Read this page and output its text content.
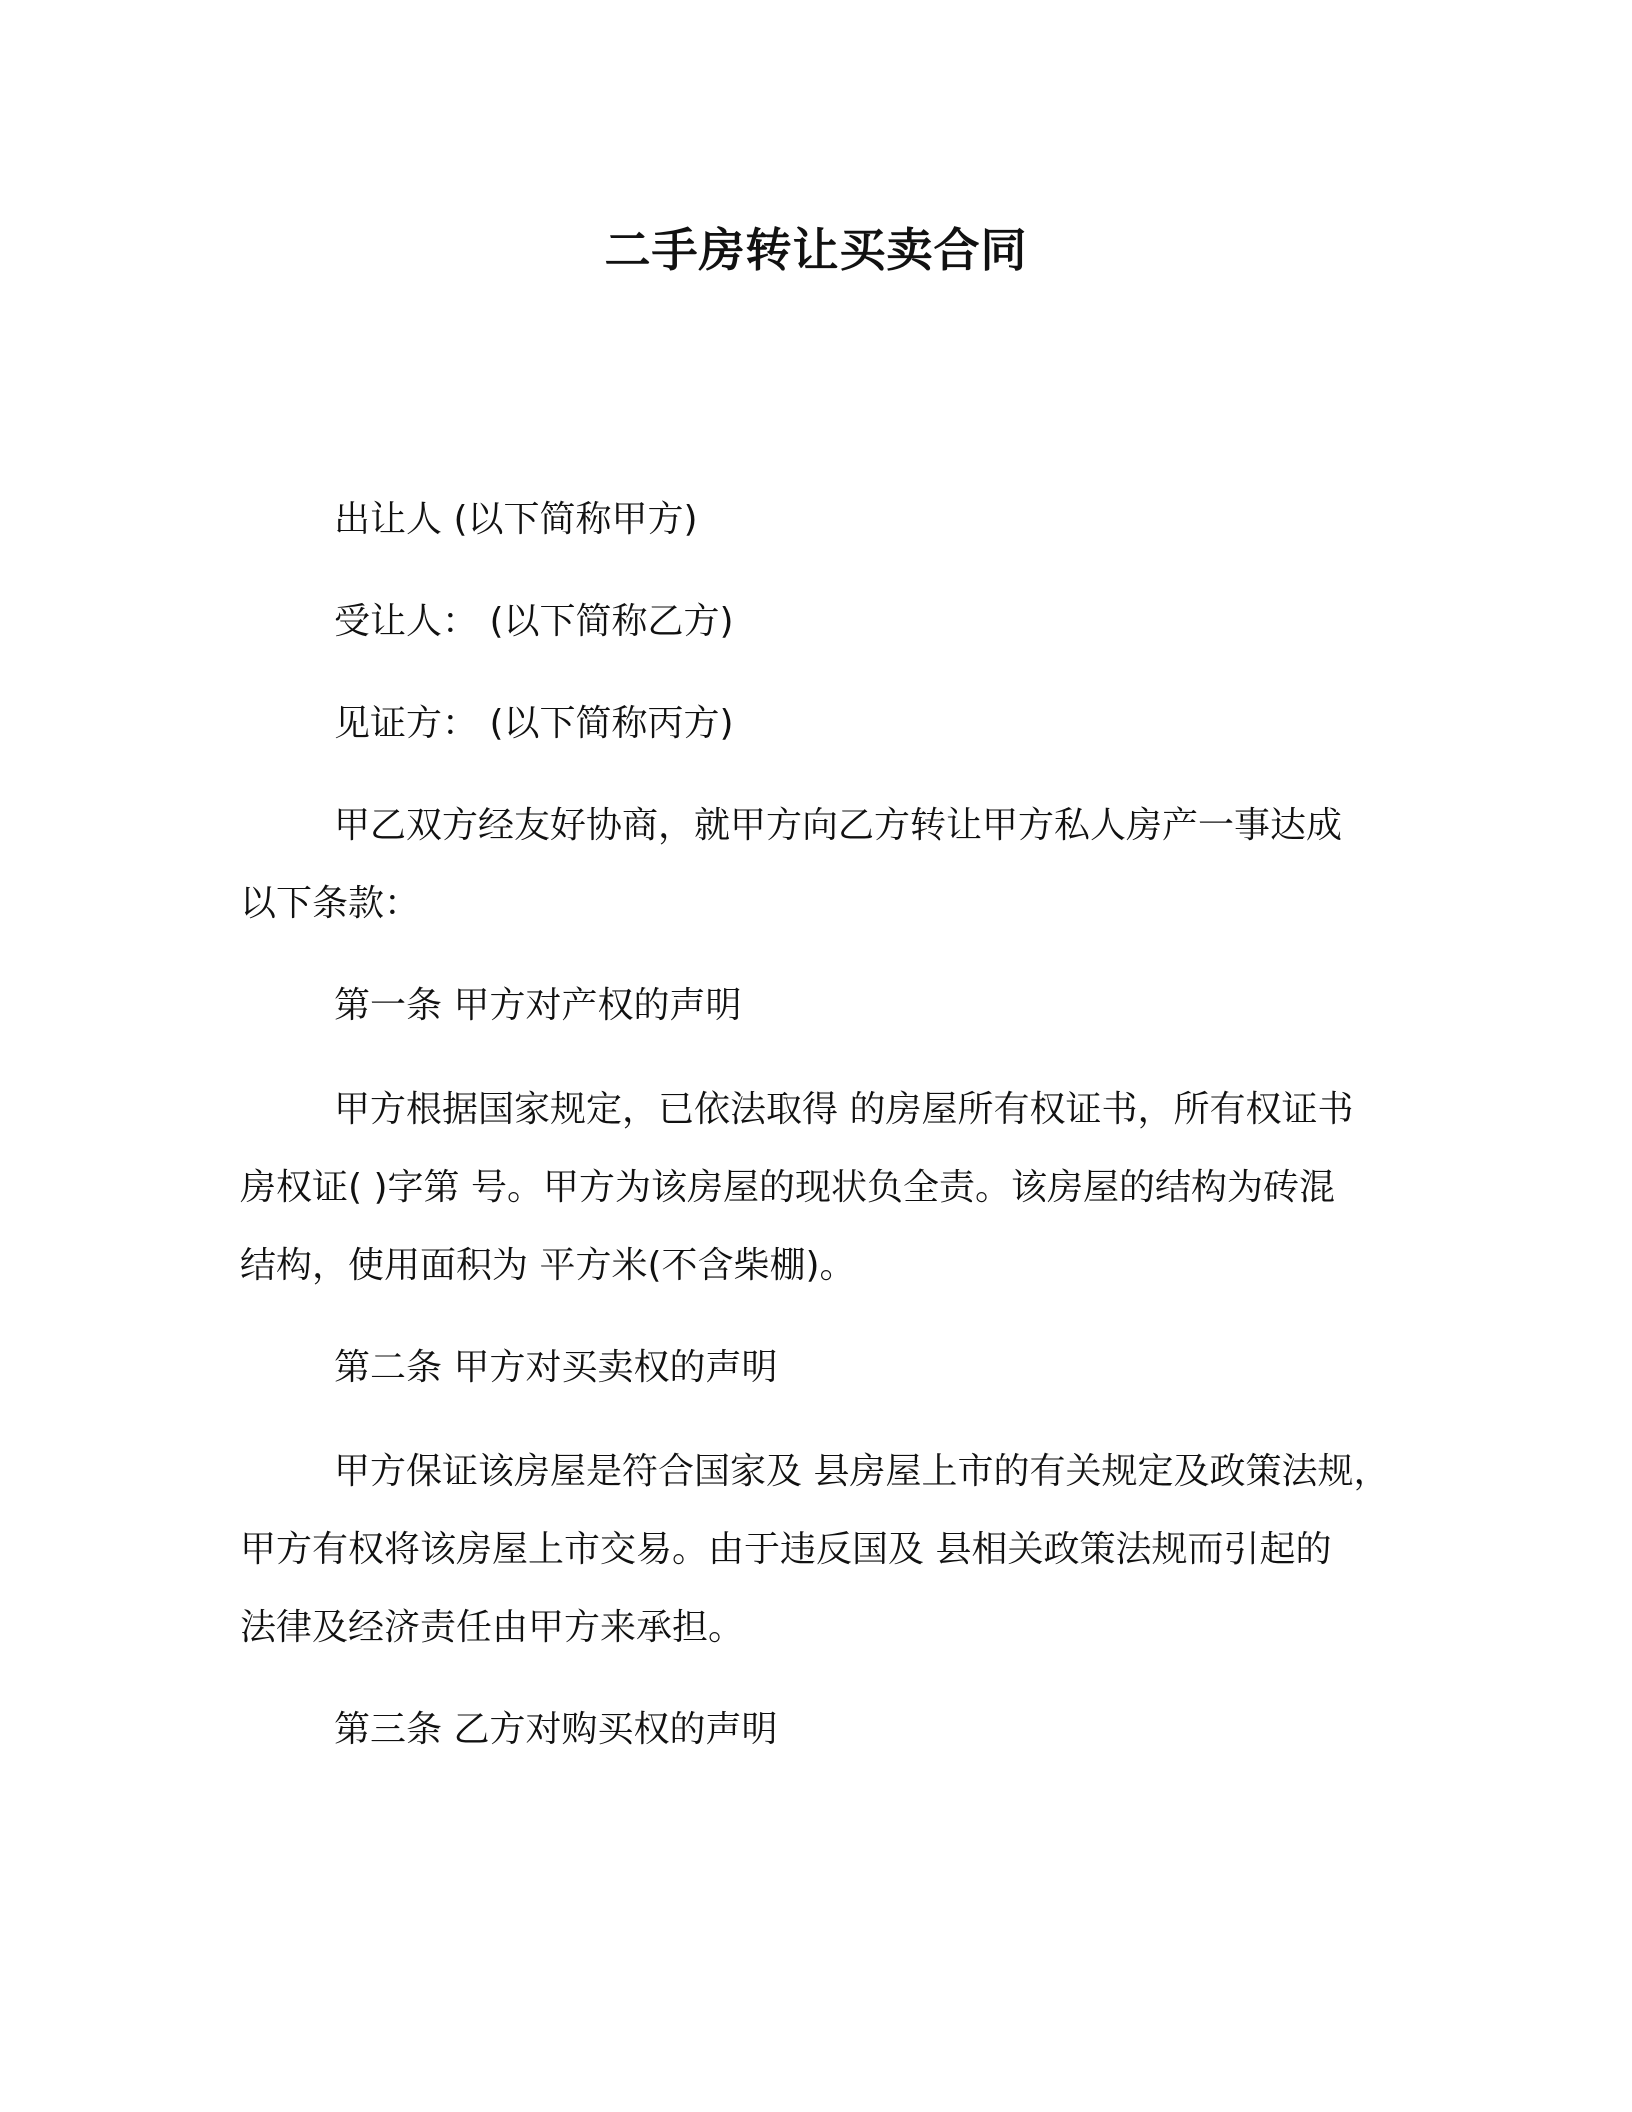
二手房转让买卖合同

出让人 (以下简称甲方)

受让人： (以下简称乙方)

见证方： (以下简称丙方)

甲乙双方经友好协商，就甲方向乙方转让甲方私人房产一事达成

以下条款：

第一条 甲方对产权的声明

甲方根据国家规定，已依法取得 的房屋所有权证书，所有权证书

房权证( )字第 号。甲方为该房屋的现状负全责。该房屋的结构为砖混

结构，使用面积为 平方米(不含柴棚)。

第二条 甲方对买卖权的声明

甲方保证该房屋是符合国家及 县房屋上市的有关规定及政策法规，

甲方有权将该房屋上市交易。由于违反国及 县相关政策法规而引起的

法律及经济责任由甲方来承担。

第三条 乙方对购买权的声明
